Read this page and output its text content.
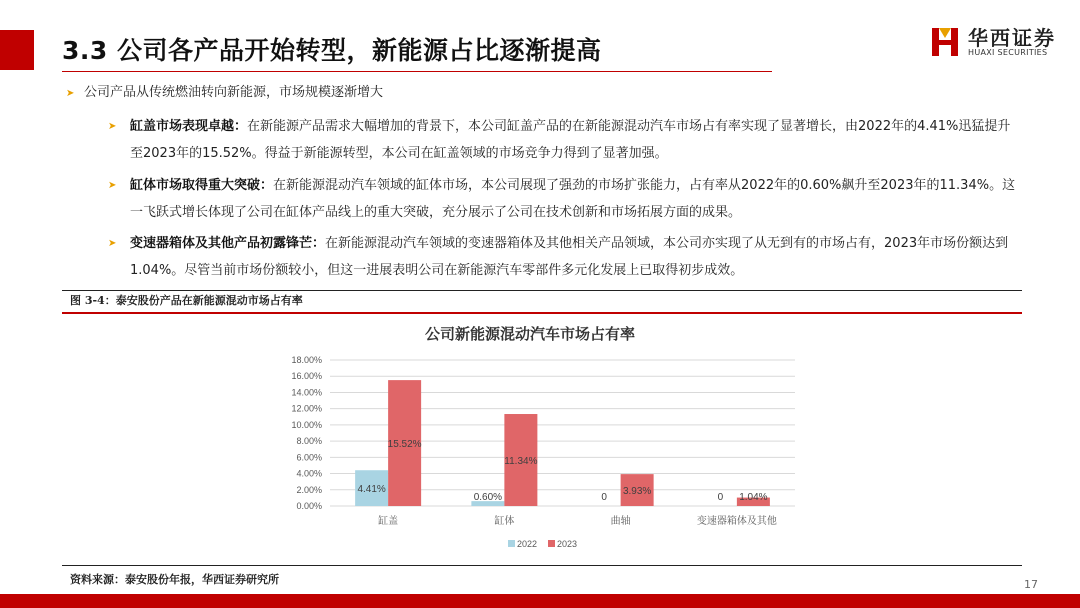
3.3 公司各产品开始转型，新能源占比逐渐提高	华西证券
HUAXI SECURITIES
➤ 公司产品从传统燃油转向新能源，市场规模逐渐增大
➤	缸盖市场表现卓越：在新能源产品需求大幅增加的背景下，本公司缸盖产品的在新能源混动汽车市场占有率实现了显著增长，由2022年的4.41%迅猛提升至2023年的15.52%。得益于新能源转型，本公司在缸盖领域的市场竞争力得到了显著加强。
➤	缸体市场取得重大突破：在新能源混动汽车领域的缸体市场，本公司展现了强劲的市场扩张能力，占有率从2022年的0.60%飙升至2023年的11.34%。这一飞跃式增长体现了公司在缸体产品线上的重大突破，充分展示了公司在技术创新和市场拓展方面的成果。
➤	变速器箱体及其他产品初露锋芒：在新能源混动汽车领域的变速器箱体及其他相关产品领域，本公司亦实现了从无到有的市场占有，2023年市场份额达到1.04%。尽管当前市场份额较小，但这一进展表明公司在新能源汽车零部件多元化发展上已取得初步成效。
图 3-4：泰安股份产品在新能源混动市场占有率
公司新能源混动汽车市场占有率
0.00%
2.00%
4.00%
6.00%
8.00%
10.00%
12.00%
14.00%
16.00%
18.00%
4.41%
15.52%
缸盖
0.60%
11.34%
缸体
0
3.93%
曲轴
0 1.04%
变速器箱体及其他
2022 2023
资料来源：泰安股份年报，华西证券研究所	17
